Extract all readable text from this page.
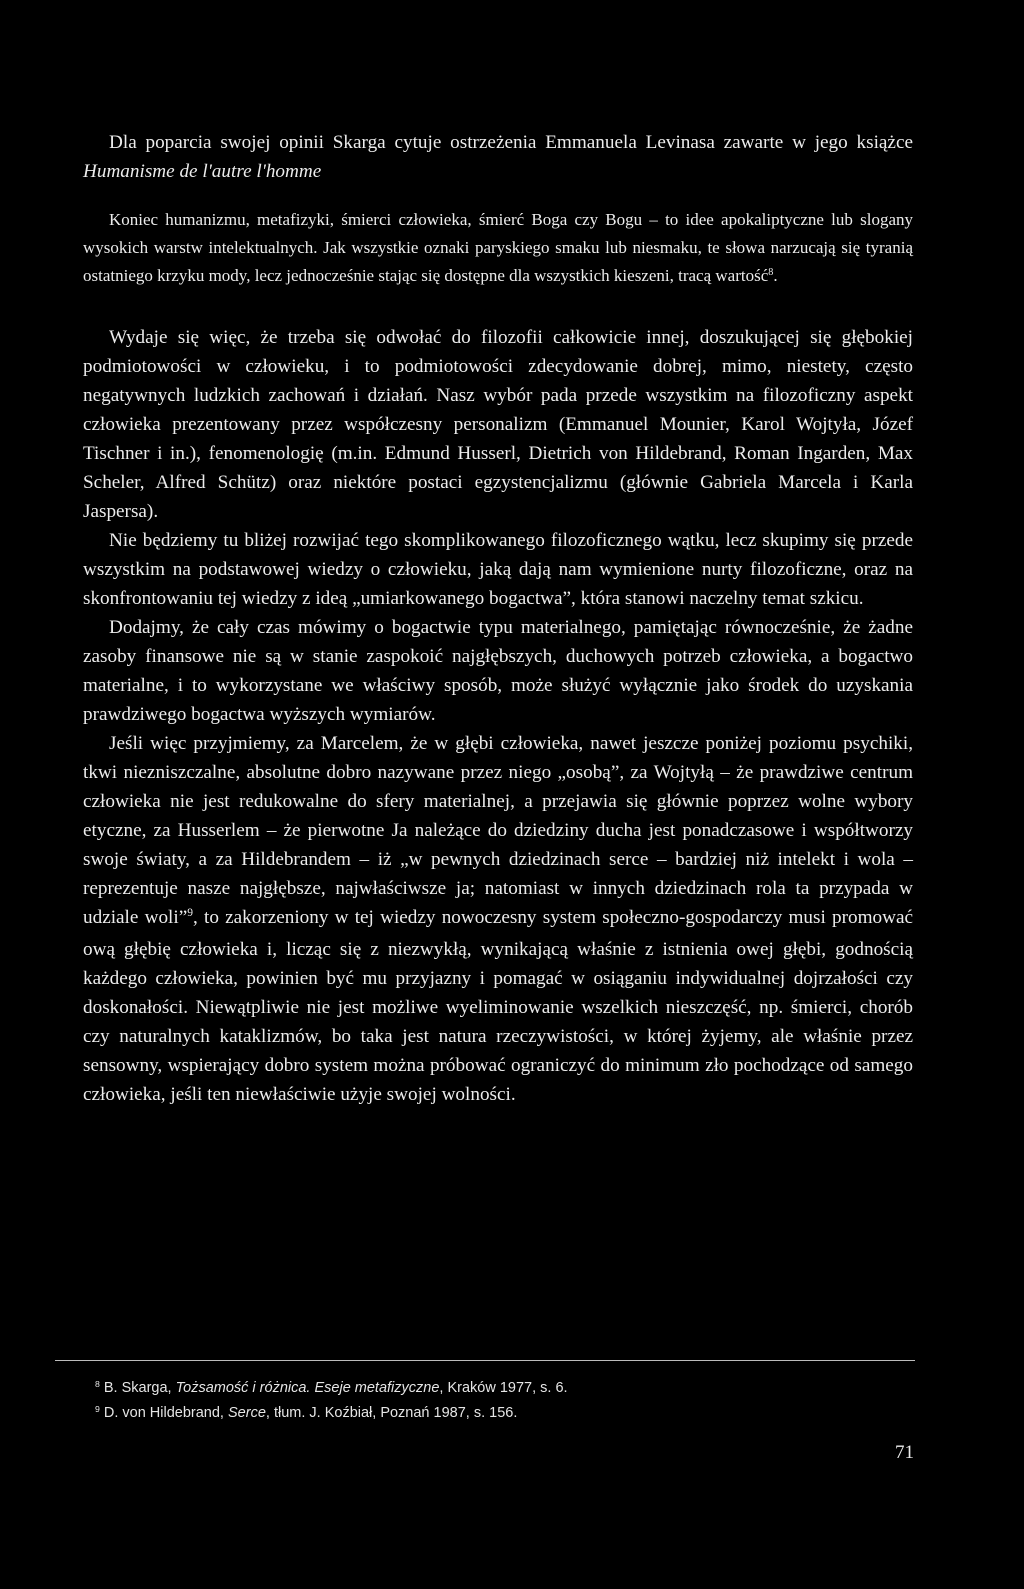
Dla poparcia swojej opinii Skarga cytuje ostrzeżenia Emmanuela Levinasa zawarte w jego książce Humanisme de l'autre l'homme

Koniec humanizmu, metafizyki, śmierci człowieka, śmierć Boga czy Bogu – to idee apokaliptyczne lub slogany wysokich warstw intelektualnych. Jak wszystkie oznaki paryskiego smaku lub niesmaku, te słowa narzucają się tyranią ostatniego krzyku mody, lecz jednocześnie stając się dostępne dla wszystkich kieszeni, tracą wartość$^8$.

Wydaje się więc, że trzeba się odwołać do filozofii całkowicie innej, doszukującej się głębokiej podmiotowości w człowieku, i to podmiotowości zdecydowanie dobrej, mimo, niestety, często negatywnych ludzkich zachowań i działań. Nasz wybór pada przede wszystkim na filozoficzny aspekt człowieka prezentowany przez współczesny personalizm (Emmanuel Mounier, Karol Wojtyła, Józef Tischner i in.), fenomenologię (m.in. Edmund Husserl, Dietrich von Hildebrand, Roman Ingarden, Max Scheler, Alfred Schütz) oraz niektóre postaci egzystencjalizmu (głównie Gabriela Marcela i Karla Jaspersa).

Nie będziemy tu bliżej rozwijać tego skomplikowanego filozoficznego wątku, lecz skupimy się przede wszystkim na podstawowej wiedzy o człowieku, jaką dają nam wymienione nurty filozoficzne, oraz na skonfrontowaniu tej wiedzy z ideą „umiarkowanego bogactwa”, która stanowi naczelny temat szkicu.

Dodajmy, że cały czas mówimy o bogactwie typu materialnego, pamiętając równocześnie, że żadne zasoby finansowe nie są w stanie zaspokoić najgłębszych, duchowych potrzeb człowieka, a bogactwo materialne, i to wykorzystane we właściwy sposób, może służyć wyłącznie jako środek do uzyskania prawdziwego bogactwa wyższych wymiarów.

Jeśli więc przyjmiemy, za Marcelem, że w głębi człowieka, nawet jeszcze poniżej poziomu psychiki, tkwi niezniszczalne, absolutne dobro nazywane przez niego „osobą”, za Wojtyłą – że prawdziwe centrum człowieka nie jest redukowalne do sfery materialnej, a przejawia się głównie poprzez wolne wybory etyczne, za Husserlem – że pierwotne Ja należące do dziedziny ducha jest ponadczasowe i współtworzy swoje światy, a za Hildebrandem – iż „w pewnych dziedzinach serce – bardziej niż intelekt i wola – reprezentuje nasze najgłębsze, najwłaściwsze ja; natomiast w innych dziedzinach rola ta przypada w udziale woli”$^9$, to zakorzeniony w tej wiedzy nowoczesny system społeczno-gospodarczy musi promować ową głębię człowieka i, licząc się z niezwykłą, wynikającą właśnie z istnienia owej głębi, godnością każdego człowieka, powinien być mu przyjazny i pomagać w osiąganiu indywidualnej dojrzałości czy doskonałości. Niewątpliwie nie jest możliwe wyeliminowanie wszelkich nieszczęść, np. śmierci, chorób czy naturalnych kataklizmów, bo taka jest natura rzeczywistości, w której żyjemy, ale właśnie przez sensowny, wspierający dobro system można próbować ograniczyć do minimum zło pochodzące od samego człowieka, jeśli ten niewłaściwie użyje swojej wolności.

$^8$ B. Skarga, Tożsamość i różnica. Eseje metafizyczne, Kraków 1977, s. 6.
$^9$ D. von Hildebrand, Serce, tłum. J. Koźbiał, Poznań 1987, s. 156.
71
